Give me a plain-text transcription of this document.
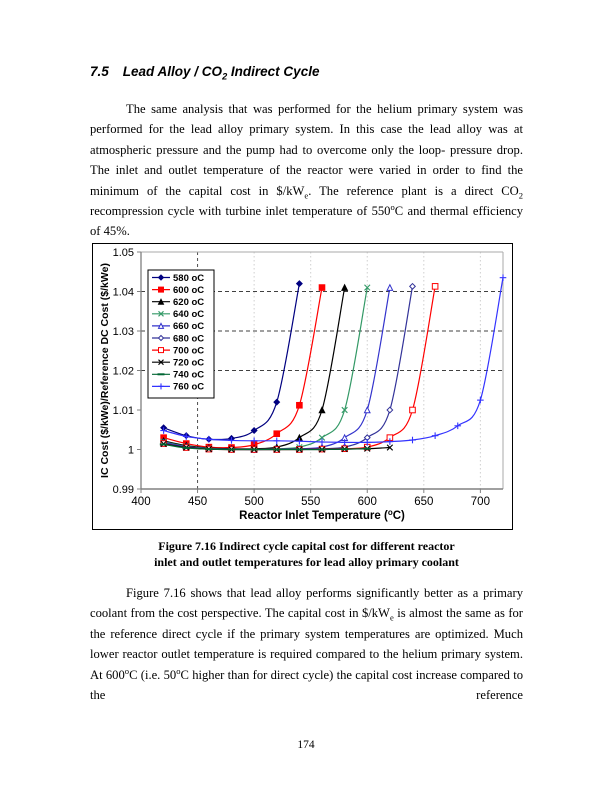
7.5 Lead Alloy / $CO_2$ Indirect Cycle

The same analysis that was performed for the helium primary system was performed for the lead alloy primary system. In this case the lead alloy was at atmospheric pressure and the pump had to overcome only the loop- pressure drop. The inlet and outlet temperature of the reactor were varied in order to find the minimum of the capital cost in $\$/kW_e$. The reference plant is a direct $CO_2$ recompression cycle with turbine inlet temperature of 550$^o$C and thermal efficiency of 45%.

0.99
1
1.01
1.02
1.03
1.04
1.05
400	450	500	550	600	650	700
Reactor Inlet Temperature ($^o$C)
IC Cost ($/kWe)/Reference DC Cost ($/kWe)	580 oC
600 oC
620 oC
640 oC
660 oC
680 oC
700 oC
720 oC
740 oC
760 oC
Figure 7.16 Indirect cycle capital cost for different reactor
inlet and outlet temperatures for lead alloy primary coolant

Figure 7.16 shows that lead alloy performs significantly better as a primary coolant from the cost perspective. The capital cost in $\$/kW_e$ is almost the same as for the reference direct cycle if the primary system temperatures are optimized. Much lower reactor outlet temperature is required compared to the helium primary system. At 600$^o$C (i.e. 50$^o$C higher than for direct cycle) the capital cost increase compared to the reference

174
